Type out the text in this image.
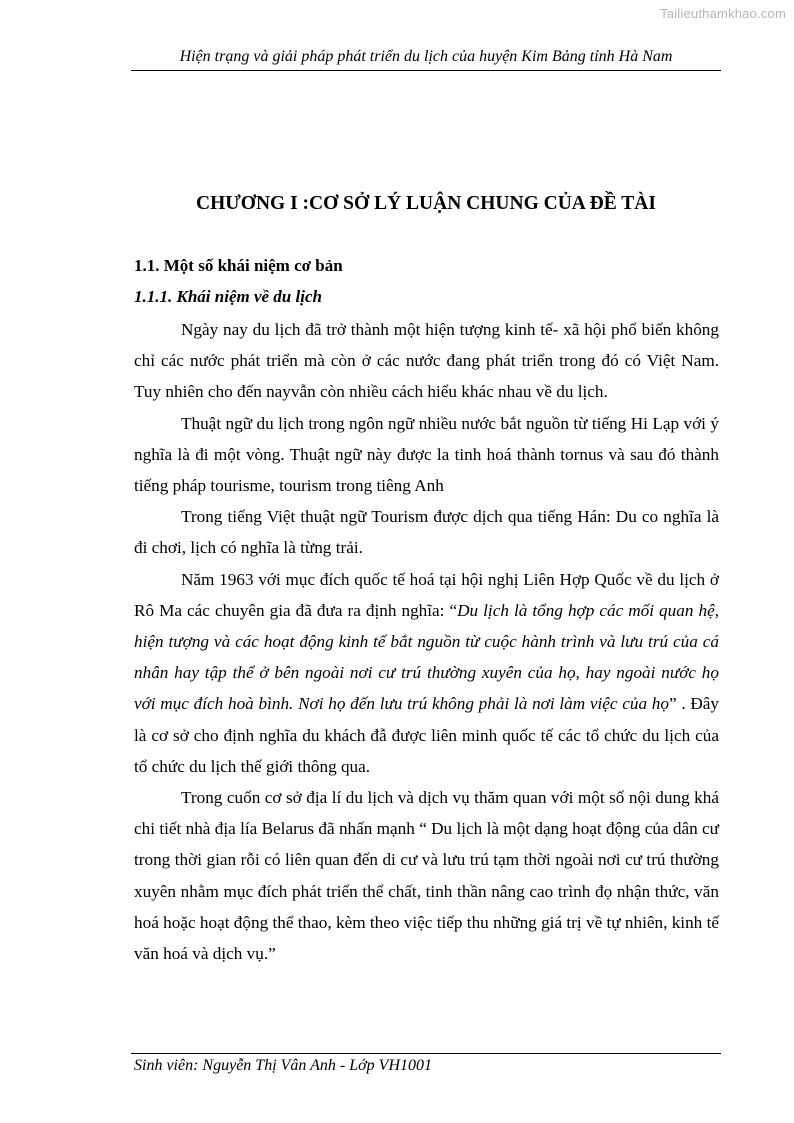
Tailieuthamkhao.com
Hiện trạng và giải pháp phát triển du lịch của huyện Kim Bảng tỉnh Hà Nam
CHƯƠNG I :CƠ SỞ LÝ LUẬN CHUNG CỦA ĐỀ TÀI
1.1. Một số khái niệm cơ bản
1.1.1. Khái niệm về du lịch

Ngày nay du lịch đã trở thành một hiện tượng kinh tế- xã hội phổ biến không chỉ các nước phát triển mà còn ở các nước đang phát triển trong đó có Việt Nam. Tuy nhiên cho đến nayvẫn còn nhiều cách hiểu khác nhau về du lịch.

Thuật ngữ du lịch trong ngôn ngữ nhiều nước bắt nguồn từ tiếng Hi Lạp với ý nghĩa là đi một vòng. Thuật ngữ này được la tinh hoá thành tornus và sau đó thành tiếng pháp tourisme, tourism trong tiêng Anh

Trong tiếng Việt thuật ngữ Tourism được dịch qua tiếng Hán: Du co nghĩa là đi chơi, lịch có nghĩa là từng trải.

Năm 1963 với mục đích quốc tế hoá tại hội nghị Liên Hợp Quốc về du lịch ở Rô Ma các chuyên gia đã đưa ra định nghĩa: “Du lịch là tổng hợp các mối quan hệ, hiện tượng và các hoạt động kinh tế bắt nguồn từ cuộc hành trình và lưu trú của cá nhân hay tập thể ở bên ngoài nơi cư trú thường xuyên của họ, hay ngoài nước họ với mục đích hoà bình. Nơi họ đến lưu trú không phải là nơi làm việc của họ” . Đây là cơ sở cho định nghĩa du khách đẫ được liên minh quốc tế các tổ chức du lịch của tổ chức du lịch thế giới thông qua.

Trong cuốn cơ sở địa lí du lịch và dịch vụ thăm quan với một số nội dung khá chi tiết nhà địa lía Belarus đã nhấn mạnh “ Du lịch là một dạng hoạt động của dân cư trong thời gian rỗi có liên quan đến di cư và lưu trú tạm thời ngoài nơi cư trú thường xuyên nhằm mục đích phát triển thể chất, tinh thần nâng cao trình đọ nhận thức, văn hoá hoặc hoạt động thể thao, kèm theo việc tiếp thu những giá trị về tự nhiên, kinh tế văn hoá và dịch vụ.”

Sinh viên: Nguyễn Thị Vân Anh - Lớp VH1001
